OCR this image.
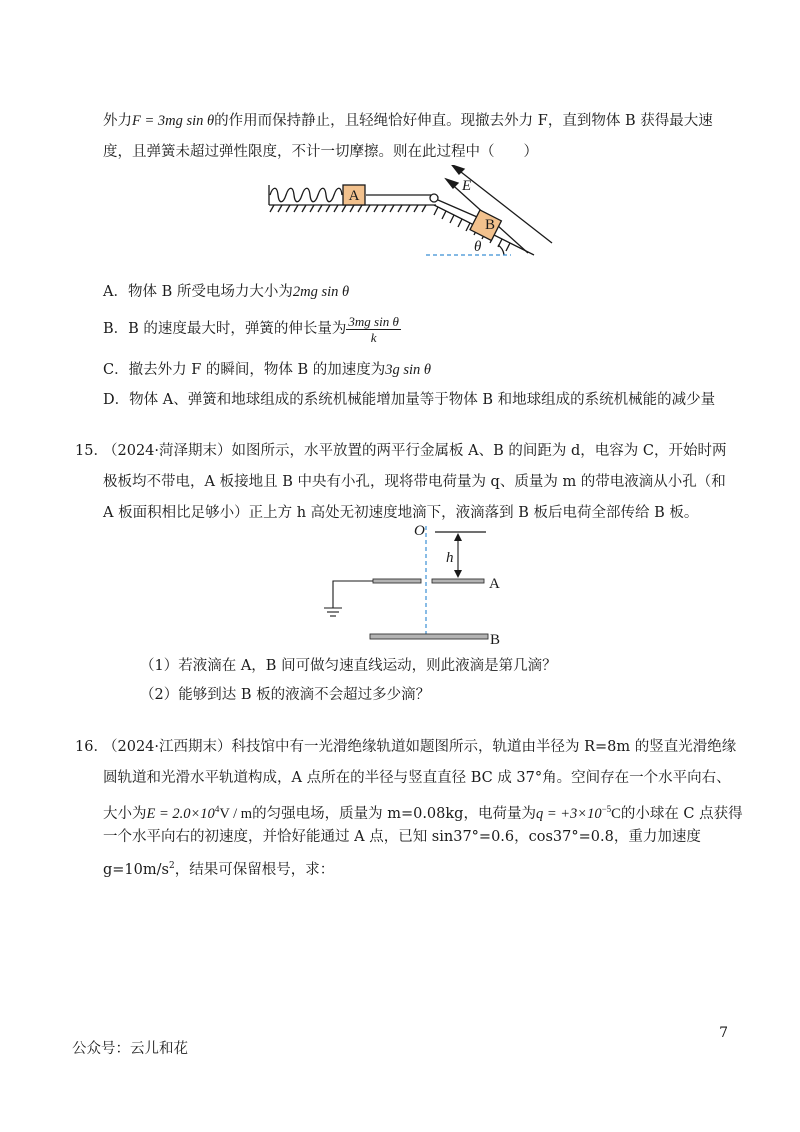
外力F = 3mg sin θ的作用而保持静止，且轻绳恰好伸直。现撤去外力 F，直到物体 B 获得最大速
度，且弹簧未超过弹性限度，不计一切摩擦。则在此过程中（　　）
A
B
E
θ
A．物体 B 所受电场力大小为2mg sin θ
B．B 的速度最大时，弹簧的伸长量为 $\frac{\text{3mg sin θ}}{k}$
C．撤去外力 F 的瞬间，物体 B 的加速度为3g sin θ
D．物体 A、弹簧和地球组成的系统机械能增加量等于物体 B 和地球组成的系统机械能的减少量
15．
（2024·菏泽期末）如图所示，水平放置的两平行金属板 A、B 的间距为 d，电容为 C，开始时两
极板均不带电，A 板接地且 B 中央有小孔，现将带电荷量为 q、质量为 m 的带电液滴从小孔（和
A 板面积相比足够小）正上方 h 高处无初速度地滴下，液滴落到 B 板后电荷全部传给 B 板。
O
h
A
B
（1）若液滴在 A，B 间可做匀速直线运动，则此液滴是第几滴？
（2）能够到达 B 板的液滴不会超过多少滴？
16．
（2024·江西期末）科技馆中有一光滑绝缘轨道如题图所示，轨道由半径为 R=8m 的竖直光滑绝缘
圆轨道和光滑水平轨道构成，A 点所在的半径与竖直直径 BC 成 37°角。空间存在一个水平向右、
大小为$E = 2.0\times 10^4V / m$的匀强电场，质量为 m=0.08kg，电荷量为$q = +3\times 10^{-5}C$的小球在 C 点获得
一个水平向右的初速度，并恰好能通过 A 点，已知 sin37°=0.6，cos37°=0.8，重力加速度
$g=10m/s^2$，结果可保留根号，求：
7
公众号：云儿和花
